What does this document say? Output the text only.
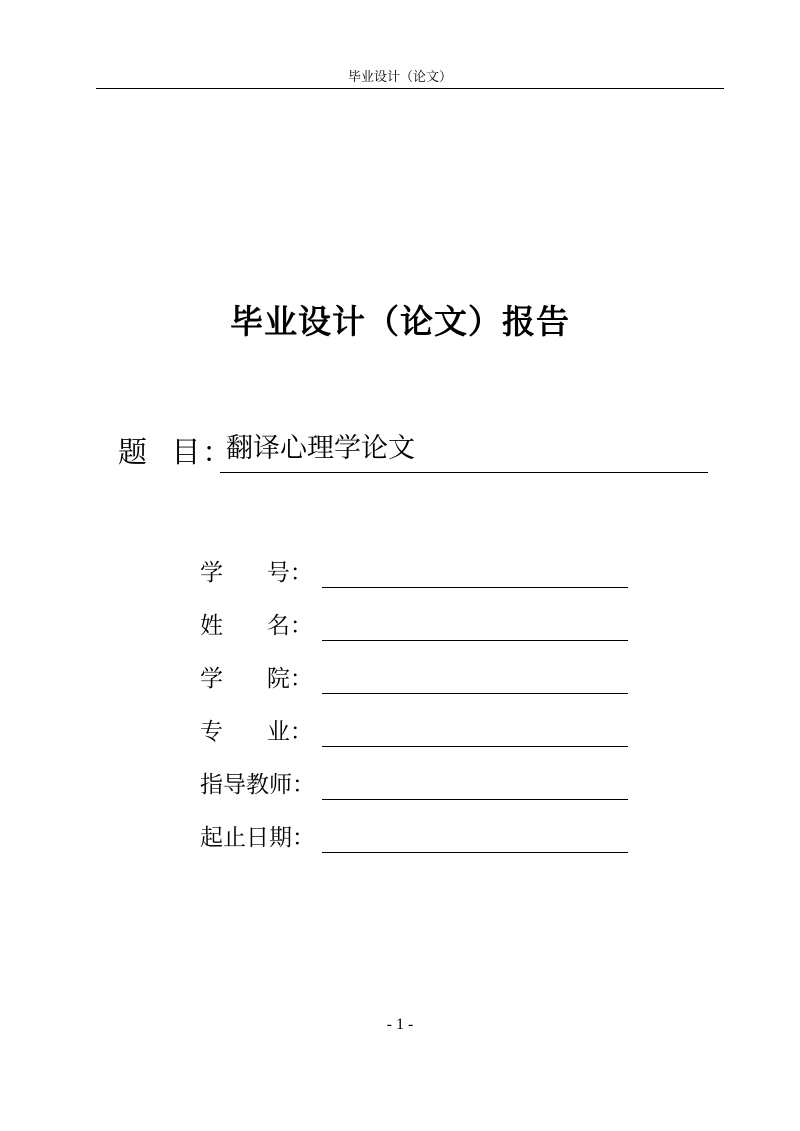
毕业设计（论文）
毕业设计（论文）报告
题  目：
翻译心理学论文
学      号：
姓      名：
学      院：
专      业：
指导教师：
起止日期：
- 1 -
